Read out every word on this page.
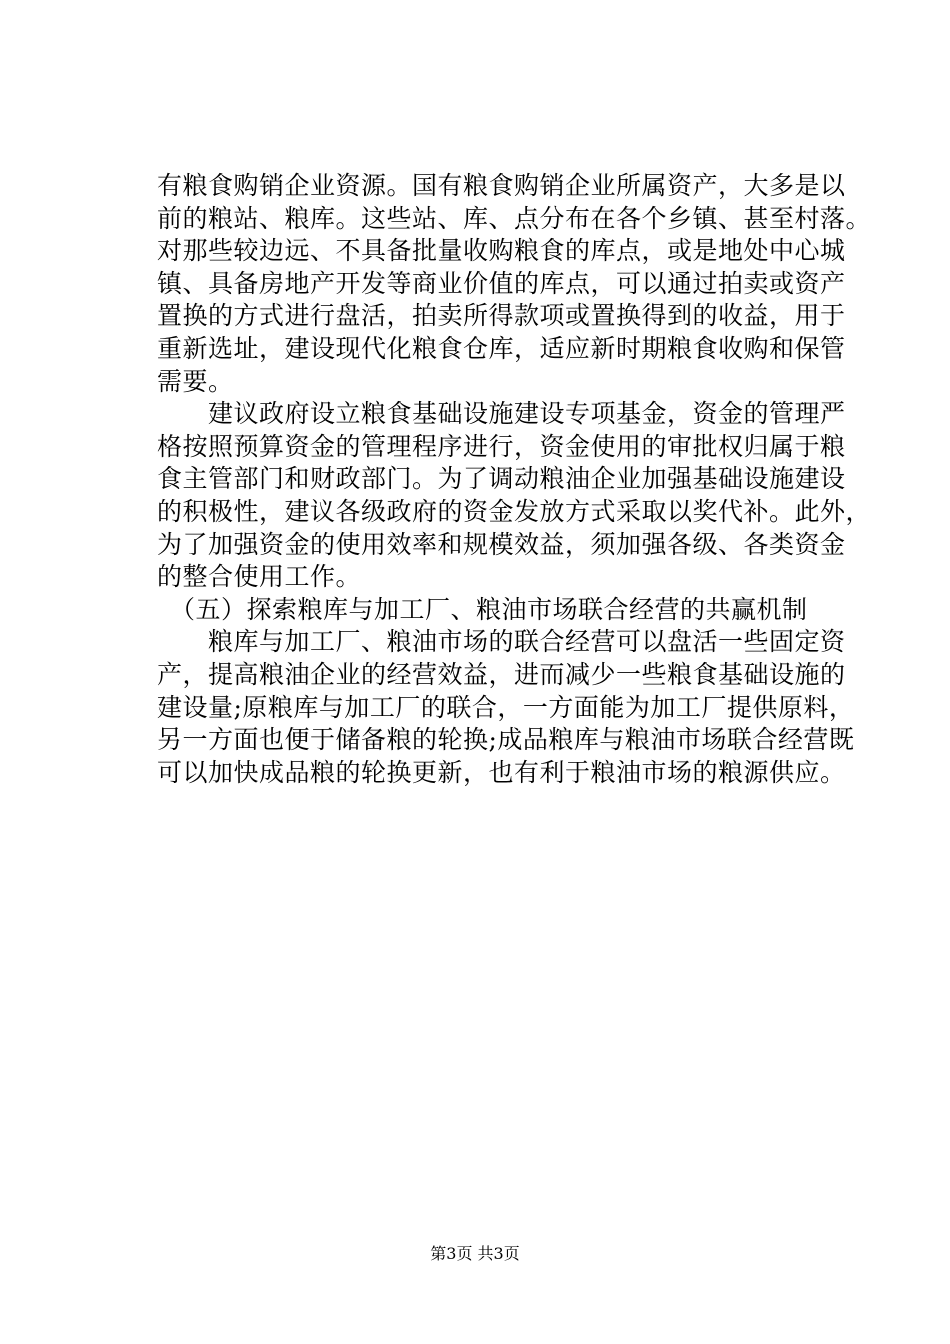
有粮食购销企业资源。国有粮食购销企业所属资产，大多是以
前的粮站、粮库。这些站、库、点分布在各个乡镇、甚至村落。
对那些较边远、不具备批量收购粮食的库点，或是地处中心城
镇、具备房地产开发等商业价值的库点，可以通过拍卖或资产
置换的方式进行盘活，拍卖所得款项或置换得到的收益，用于
重新选址，建设现代化粮食仓库，适应新时期粮食收购和保管
需要。
　　建议政府设立粮食基础设施建设专项基金，资金的管理严
格按照预算资金的管理程序进行，资金使用的审批权归属于粮
食主管部门和财政部门。为了调动粮油企业加强基础设施建设
的积极性，建议各级政府的资金发放方式采取以奖代补。此外，
为了加强资金的使用效率和规模效益，须加强各级、各类资金
的整合使用工作。
　（五）探索粮库与加工厂、粮油市场联合经营的共赢机制
　　粮库与加工厂、粮油市场的联合经营可以盘活一些固定资
产，提高粮油企业的经营效益，进而减少一些粮食基础设施的
建设量;原粮库与加工厂的联合，一方面能为加工厂提供原料，
另一方面也便于储备粮的轮换;成品粮库与粮油市场联合经营既
可以加快成品粮的轮换更新，也有利于粮油市场的粮源供应。
第3页 共3页
